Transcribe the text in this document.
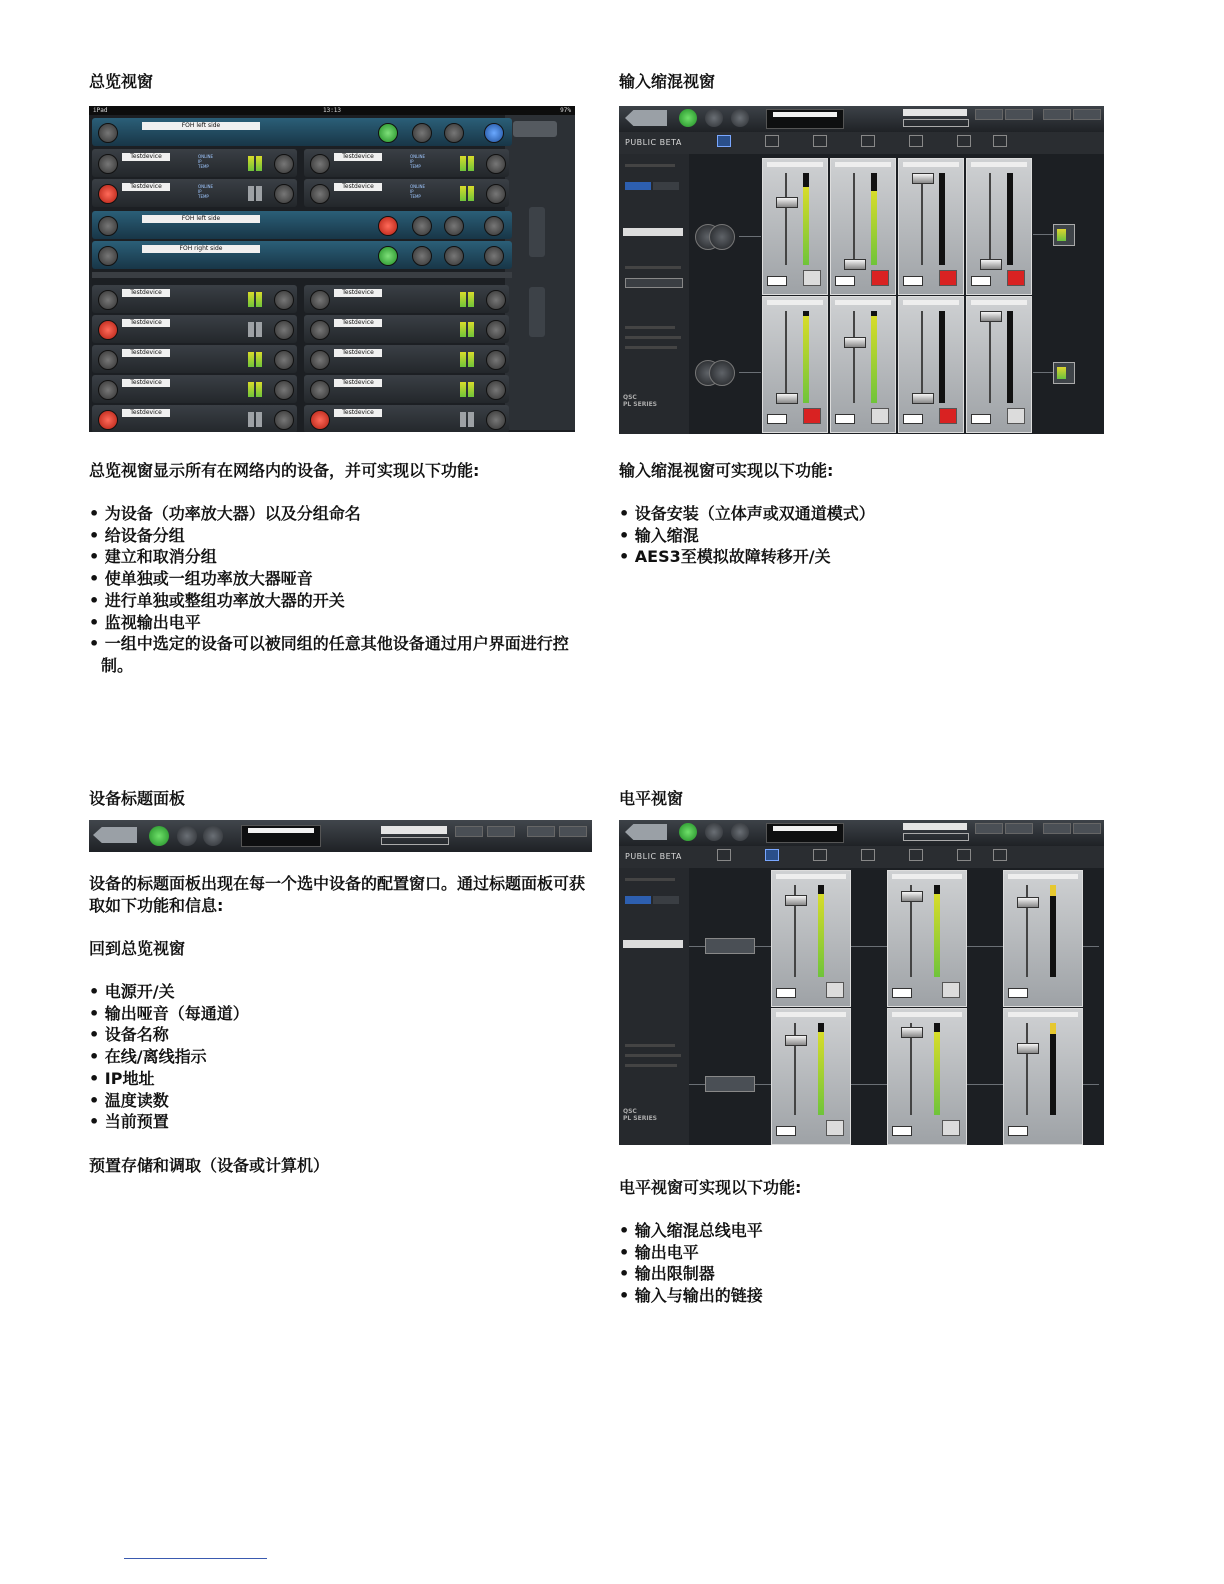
总览视窗
iPad	13:13	97%
FOH left side
Testdevice	ONLINE
IP
TEMP
Testdevice	ONLINE
IP
TEMP
Testdevice	ONLINE
IP
TEMP
Testdevice	ONLINE
IP
TEMP
FOH left side
FOH right side
Testdevice	Testdevice
Testdevice	Testdevice
Testdevice	Testdevice
Testdevice	Testdevice
Testdevice	Testdevice

总览视窗显示所有在网络内的设备，并可实现以下功能:

• 为设备（功率放大器）以及分组命名
• 给设备分组
• 建立和取消分组
• 使单独或一组功率放大器哑音
• 进行单独或整组功率放大器的开关
• 监视输出电平
• 一组中选定的设备可以被同组的任意其他设备通过用户界面进行控制。
输入缩混视窗
PUBLIC BETA
QSC
PL SERIES

输入缩混视窗可实现以下功能:

• 设备安装（立体声或双通道模式）
• 输入缩混
• AES3至模拟故障转移开/关
设备标题面板

设备的标题面板出现在每一个选中设备的配置窗口。通过标题面板可获取如下功能和信息:

回到总览视窗

• 电源开/关
• 输出哑音（每通道）
• 设备名称
• 在线/离线指示
• IP地址
• 温度读数
• 当前预置

预置存储和调取（设备或计算机）

电平视窗
PUBLIC BETA
QSC
PL SERIES

电平视窗可实现以下功能:

• 输入缩混总线电平
• 输出电平
• 输出限制器
• 输入与输出的链接
